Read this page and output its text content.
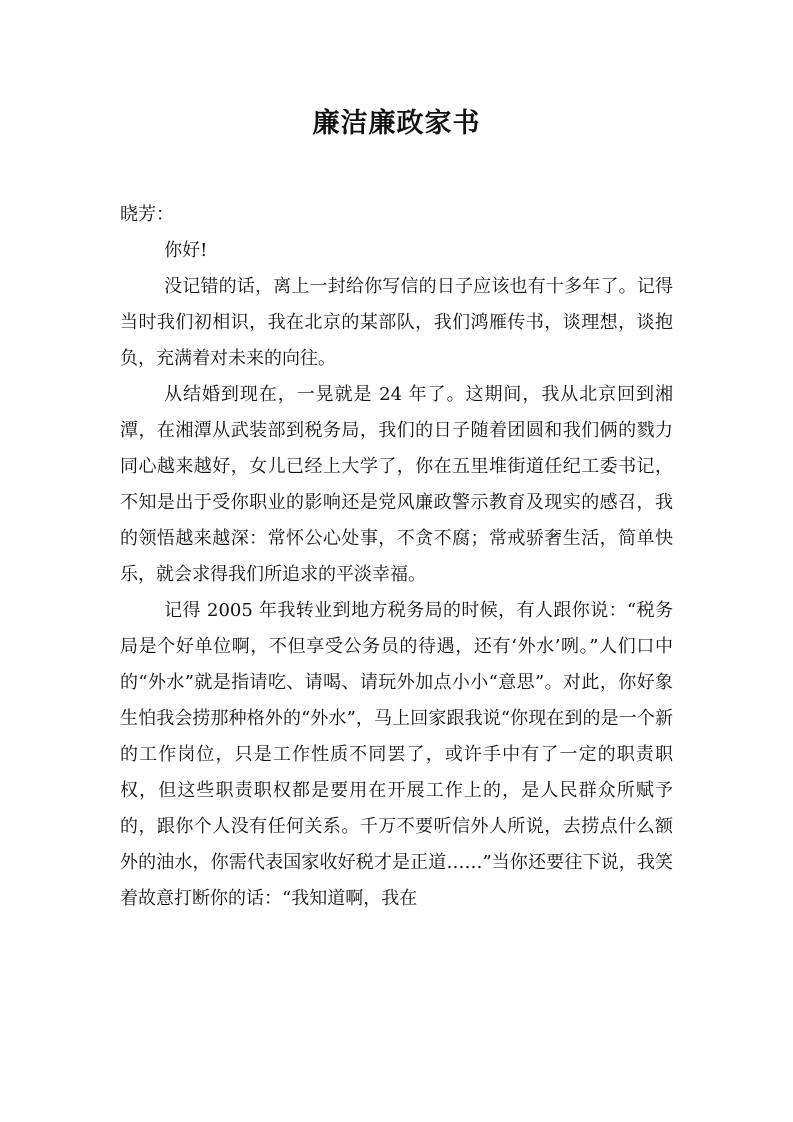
廉洁廉政家书

晓芳：

你好!

没记错的话，离上一封给你写信的日子应该也有十多年了。记得当时我们初相识，我在北京的某部队，我们鸿雁传书，谈理想，谈抱负，充满着对未来的向往。

从结婚到现在，一晃就是 24 年了。这期间，我从北京回到湘潭，在湘潭从武装部到税务局，我们的日子随着团圆和我们俩的戮力同心越来越好，女儿已经上大学了，你在五里堆街道任纪工委书记，不知是出于受你职业的影响还是党风廉政警示教育及现实的感召，我的领悟越来越深：常怀公心处事，不贪不腐；常戒骄奢生活，简单快乐，就会求得我们所追求的平淡幸福。

记得 2005 年我转业到地方税务局的时候，有人跟你说：“税务局是个好单位啊，不但享受公务员的待遇，还有‘外水’咧。”人们口中的“外水”就是指请吃、请喝、请玩外加点小小“意思”。对此，你好象生怕我会捞那种格外的“外水”，马上回家跟我说“你现在到的是一个新的工作岗位，只是工作性质不同罢了，或许手中有了一定的职责职权，但这些职责职权都是要用在开展工作上的，是人民群众所赋予的，跟你个人没有任何关系。千万不要听信外人所说，去捞点什么额外的油水，你需代表国家收好税才是正道……”当你还要往下说，我笑着故意打断你的话：“我知道啊，我在
